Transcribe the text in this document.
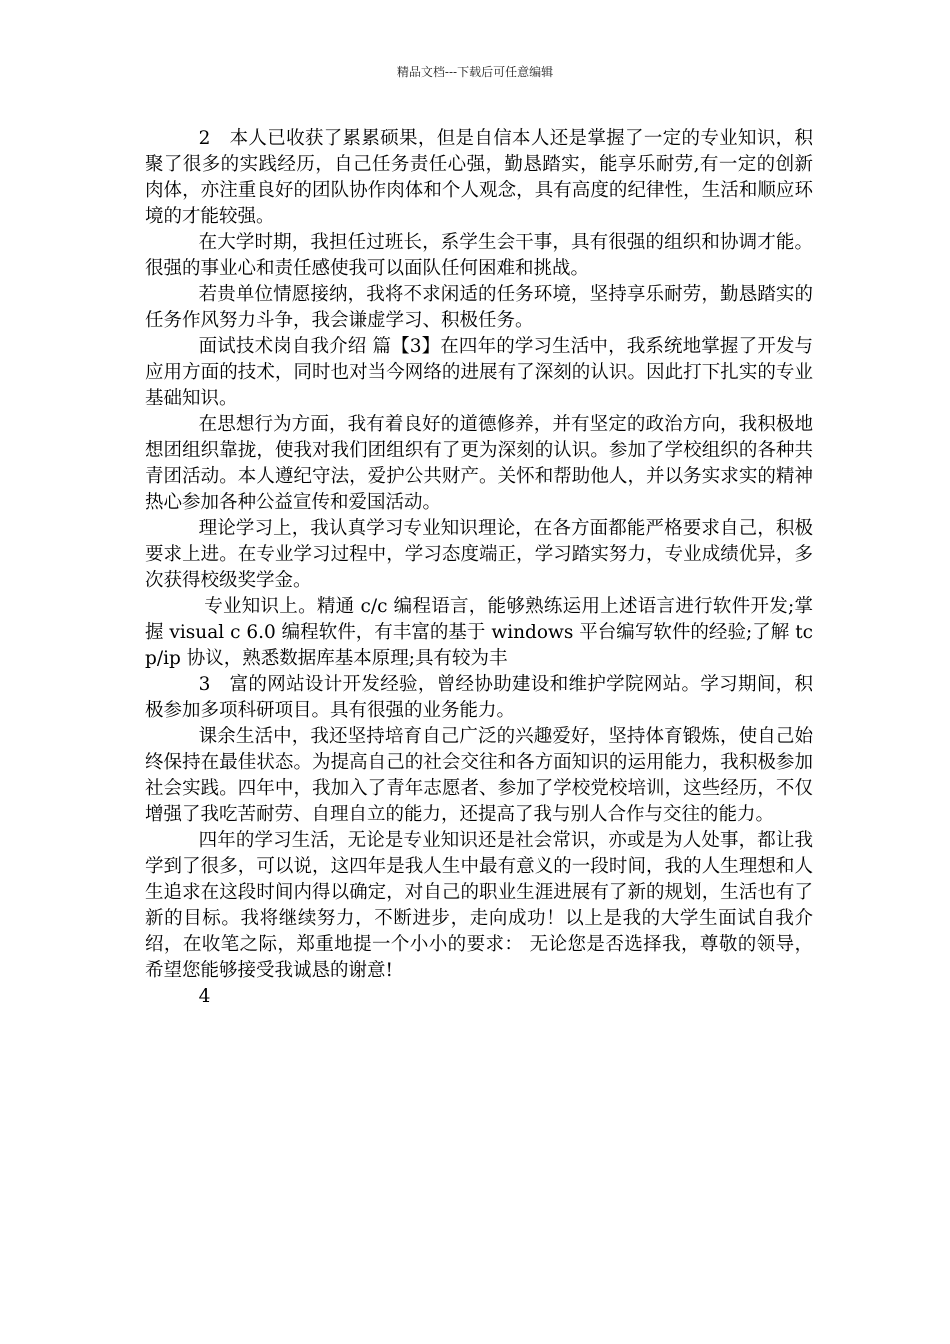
精品文档---下载后可任意编辑

2　本人已收获了累累硕果，但是自信本人还是掌握了一定的专业知识，积聚了很多的实践经历，自己任务责任心强，勤恳踏实，能享乐耐劳,有一定的创新肉体，亦注重良好的团队协作肉体和个人观念，具有高度的纪律性，生活和顺应环境的才能较强。

在大学时期，我担任过班长，系学生会干事，具有很强的组织和协调才能。很强的事业心和责任感使我可以面队任何困难和挑战。

若贵单位情愿接纳，我将不求闲适的任务环境，坚持享乐耐劳，勤恳踏实的任务作风努力斗争，我会谦虚学习、积极任务。

面试技术岗自我介绍 篇【3】在四年的学习生活中，我系统地掌握了开发与应用方面的技术，同时也对当今网络的进展有了深刻的认识。因此打下扎实的专业基础知识。

在思想行为方面，我有着良好的道德修养，并有坚定的政治方向，我积极地想团组织靠拢，使我对我们团组织有了更为深刻的认识。参加了学校组织的各种共青团活动。本人遵纪守法，爱护公共财产。关怀和帮助他人，并以务实求实的精神热心参加各种公益宣传和爱国活动。

理论学习上，我认真学习专业知识理论，在各方面都能严格要求自己，积极要求上进。在专业学习过程中，学习态度端正，学习踏实努力，专业成绩优异，多次获得校级奖学金。

专业知识上。精通 c/c 编程语言，能够熟练运用上述语言进行软件开发;掌握 visual c 6.0 编程软件，有丰富的基于 windows 平台编写软件的经验;了解 tcp/ip 协议，熟悉数据库基本原理;具有较为丰

3　富的网站设计开发经验，曾经协助建设和维护学院网站。学习期间，积极参加多项科研项目。具有很强的业务能力。

课余生活中，我还坚持培育自己广泛的兴趣爱好，坚持体育锻炼，使自己始终保持在最佳状态。为提高自己的社会交往和各方面知识的运用能力，我积极参加社会实践。四年中，我加入了青年志愿者、参加了学校党校培训，这些经历，不仅增强了我吃苦耐劳、自理自立的能力，还提高了我与别人合作与交往的能力。

四年的学习生活，无论是专业知识还是社会常识，亦或是为人处事，都让我学到了很多，可以说，这四年是我人生中最有意义的一段时间，我的人生理想和人生追求在这段时间内得以确定，对自己的职业生涯进展有了新的规划，生活也有了新的目标。我将继续努力，不断进步，走向成功！以上是我的大学生面试自我介绍，在收笔之际，郑重地提一个小小的要求： 无论您是否选择我，尊敬的领导，希望您能够接受我诚恳的谢意!

4
